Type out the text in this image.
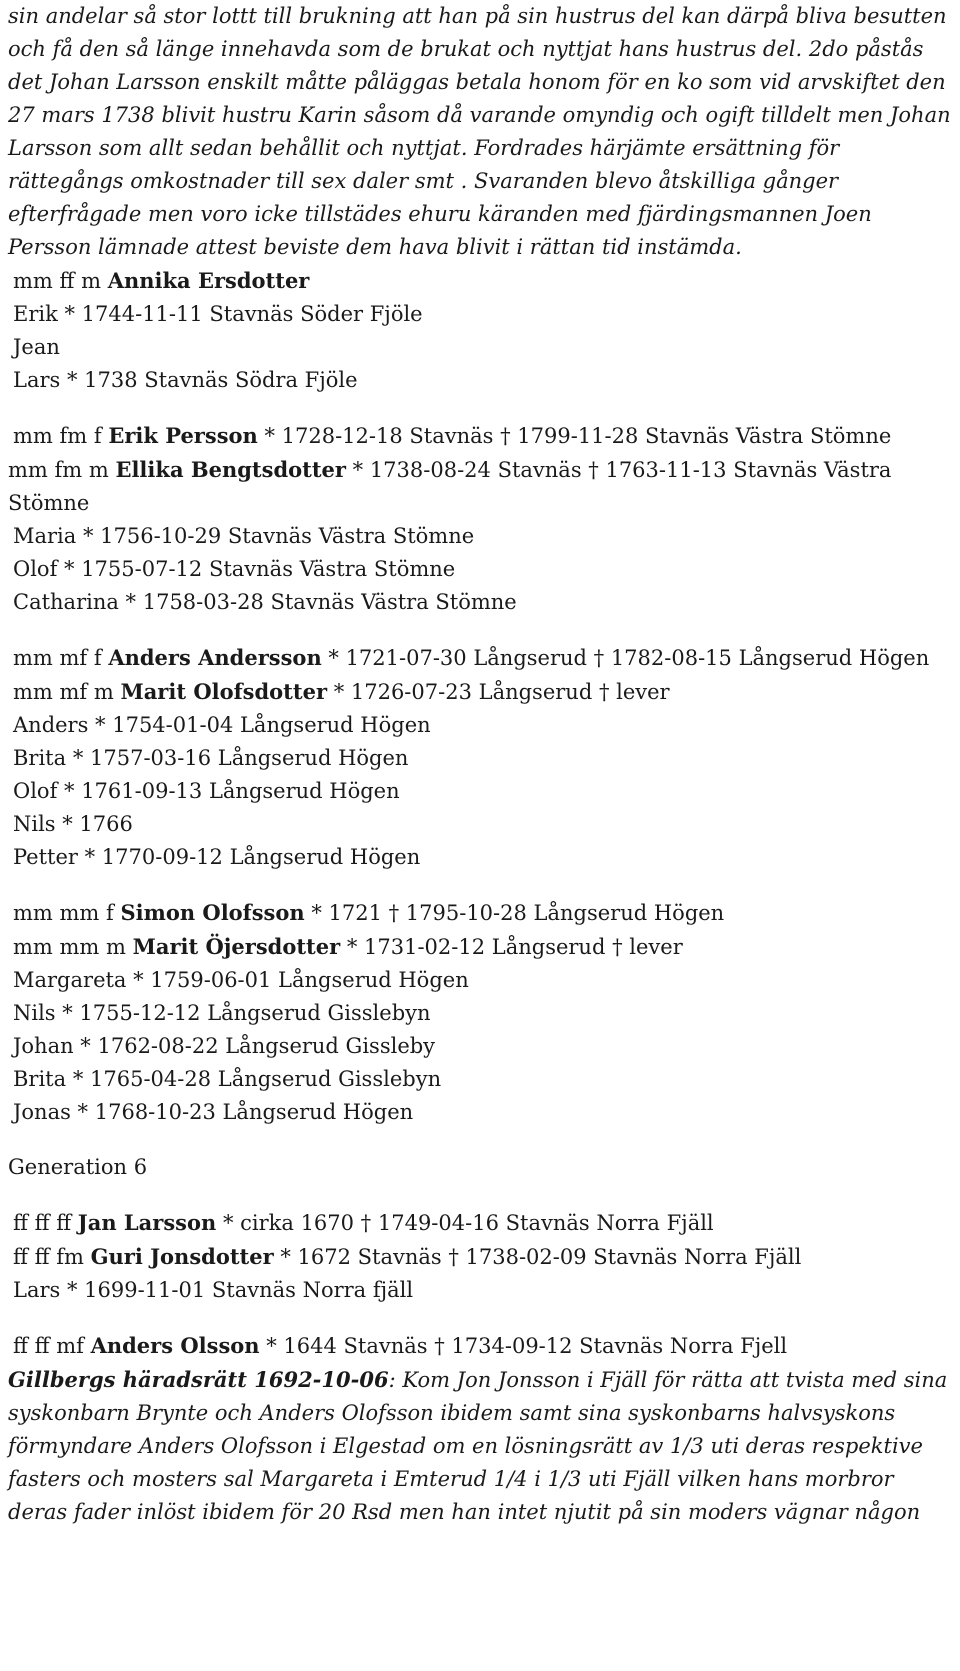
sin andelar så stor lottt till brukning att han på sin hustrus del kan därpå bliva besutten och få den så länge innehavda som de brukat och nyttjat hans hustrus del. 2do påstås det Johan Larsson enskilt måtte påläggas betala honom för en ko som vid arvskiftet den 27 mars 1738 blivit hustru Karin såsom då varande omyndig och ogift tilldelt men Johan Larsson som allt sedan behållit och nyttjat. Fordrades härjämte ersättning för rättegångs omkostnader till sex daler smt . Svaranden blevo åtskilliga gånger efterfrågade men voro icke tillstädes ehuru käranden med fjärdingsmannen Joen Persson lämnade attest beviste dem hava blivit i rättan tid instämda.

mm ff m Annika Ersdotter

Erik * 1744-11-11 Stavnäs Söder Fjöle

Jean

Lars * 1738 Stavnäs Södra Fjöle

mm fm f Erik Persson * 1728-12-18 Stavnäs † 1799-11-28 Stavnäs Västra Stömne

mm fm m Ellika Bengtsdotter * 1738-08-24 Stavnäs † 1763-11-13 Stavnäs Västra Stömne

Maria * 1756-10-29 Stavnäs Västra Stömne

Olof * 1755-07-12 Stavnäs Västra Stömne

Catharina * 1758-03-28 Stavnäs Västra Stömne

mm mf f Anders Andersson * 1721-07-30 Långserud † 1782-08-15 Långserud Högen

mm mf m Marit Olofsdotter * 1726-07-23 Långserud † lever

Anders * 1754-01-04 Långserud Högen

Brita * 1757-03-16 Långserud Högen

Olof * 1761-09-13 Långserud Högen

Nils * 1766

Petter * 1770-09-12 Långserud Högen

mm mm f Simon Olofsson * 1721 † 1795-10-28 Långserud Högen

mm mm m Marit Öjersdotter * 1731-02-12 Långserud † lever

Margareta * 1759-06-01 Långserud Högen

Nils * 1755-12-12 Långserud Gisslebyn

Johan * 1762-08-22 Långserud Gissleby

Brita * 1765-04-28 Långserud Gisslebyn

Jonas * 1768-10-23 Långserud Högen

Generation 6

ff ff ff Jan Larsson * cirka 1670 † 1749-04-16 Stavnäs Norra Fjäll

ff ff fm Guri Jonsdotter * 1672 Stavnäs † 1738-02-09 Stavnäs Norra Fjäll

Lars * 1699-11-01 Stavnäs Norra fjäll

ff ff mf Anders Olsson * 1644 Stavnäs † 1734-09-12 Stavnäs Norra Fjell

Gillbergs häradsrätt 1692-10-06: Kom Jon Jonsson i Fjäll för rätta att tvista med sina syskonbarn Brynte och Anders Olofsson ibidem samt sina syskonbarns halvsyskons förmyndare Anders Olofsson i Elgestad om en lösningsrätt av 1/3 uti deras respektive fasters och mosters sal Margareta i Emterud 1/4 i 1/3 uti Fjäll vilken hans morbror deras fader inlöst ibidem för 20 Rsd men han intet njutit på sin moders vägnar någon
